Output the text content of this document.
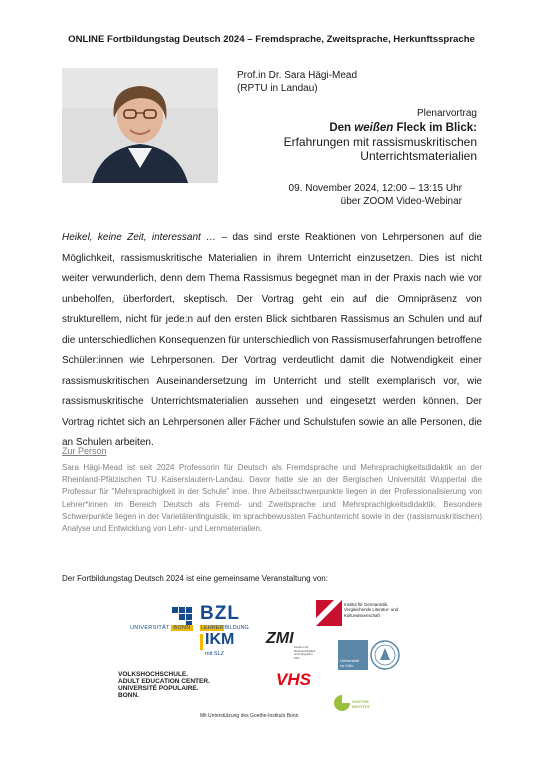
ONLINE Fortbildungstag Deutsch 2024 – Fremdsprache, Zweitsprache, Herkunftssprache
Prof.in Dr. Sara Hägi-Mead
(RPTU in Landau)
Plenarvortrag
Den weißen Fleck im Blick:
Erfahrungen mit rassismuskritischen
Unterrichtsmaterialien
09. November 2024, 12:00 – 13:15 Uhr
über ZOOM Video-Webinar
Heikel, keine Zeit, interessant … – das sind erste Reaktionen von Lehrpersonen auf die Möglichkeit, rassismuskritische Materialien in ihrem Unterricht einzusetzen. Dies ist nicht weiter verwunderlich, denn dem Thema Rassismus begegnet man in der Praxis nach wie vor unbeholfen, überfordert, skeptisch. Der Vortrag geht ein auf die Omnipräsenz von strukturellem, nicht für jede:n auf den ersten Blick sichtbaren Rassismus an Schulen und auf die unterschiedlichen Konsequenzen für unterschiedlich von Rassismuserfahrungen betroffene Schüler:innen wie Lehrpersonen. Der Vortrag verdeutlicht damit die Notwendigkeit einer rassismuskritischen Auseinandersetzung im Unterricht und stellt exemplarisch vor, wie rassismuskritische Unterrichtsmaterialien aussehen und eingesetzt werden können. Der Vortrag richtet sich an Lehrpersonen aller Fächer und Schulstufen sowie an alle Personen, die an Schulen arbeiten.
Zur Person
Sara Hägi-Mead ist seit 2024 Professorin für Deutsch als Fremdsprache und Mehrsprachigkeitsdidaktik an der Rheinland-Pfälzischen TU Kaiserslautern-Landau. Davor hatte sie an der Bergischen Universität Wuppertal die Professur für "Mehrsprachigkeit in der Schule" inne. Ihre Arbeitsschwerpunkte liegen in der Professionalisierung von Lehrer*innen im Bereich Deutsch als Fremd- und Zweitsprache und Mehrsprachigkeitsdidaktik. Besondere Schwerpunkte liegen in der Varietätenlinguistik, im sprachbewussten Fachunterricht sowie in der (rassismuskritischen) Analyse und Entwicklung von Lehr- und Lernmaterialien.
Der Fortbildungstag Deutsch 2024 ist eine gemeinsame Veranstaltung von:
UNIVERSITÄT BONN
BZL
LEHRERBILDUNG
Institut für Germanistik,
Vergleichende Literatur- und
Kulturwissenschaft
IKM
mit SLZ
ZMI Zentrum für
Mehrsprachigkeit
und Integration Köln
Universität
zu Köln
VOLKSHOCHSCHULE.
ADULT EDUCATION CENTER.
UNIVERSITÉ POPULAIRE.
BONN.
VHS
GOETHE
INSTITUT
Mit Unterstützung des Goethe-Instituts Bonn
